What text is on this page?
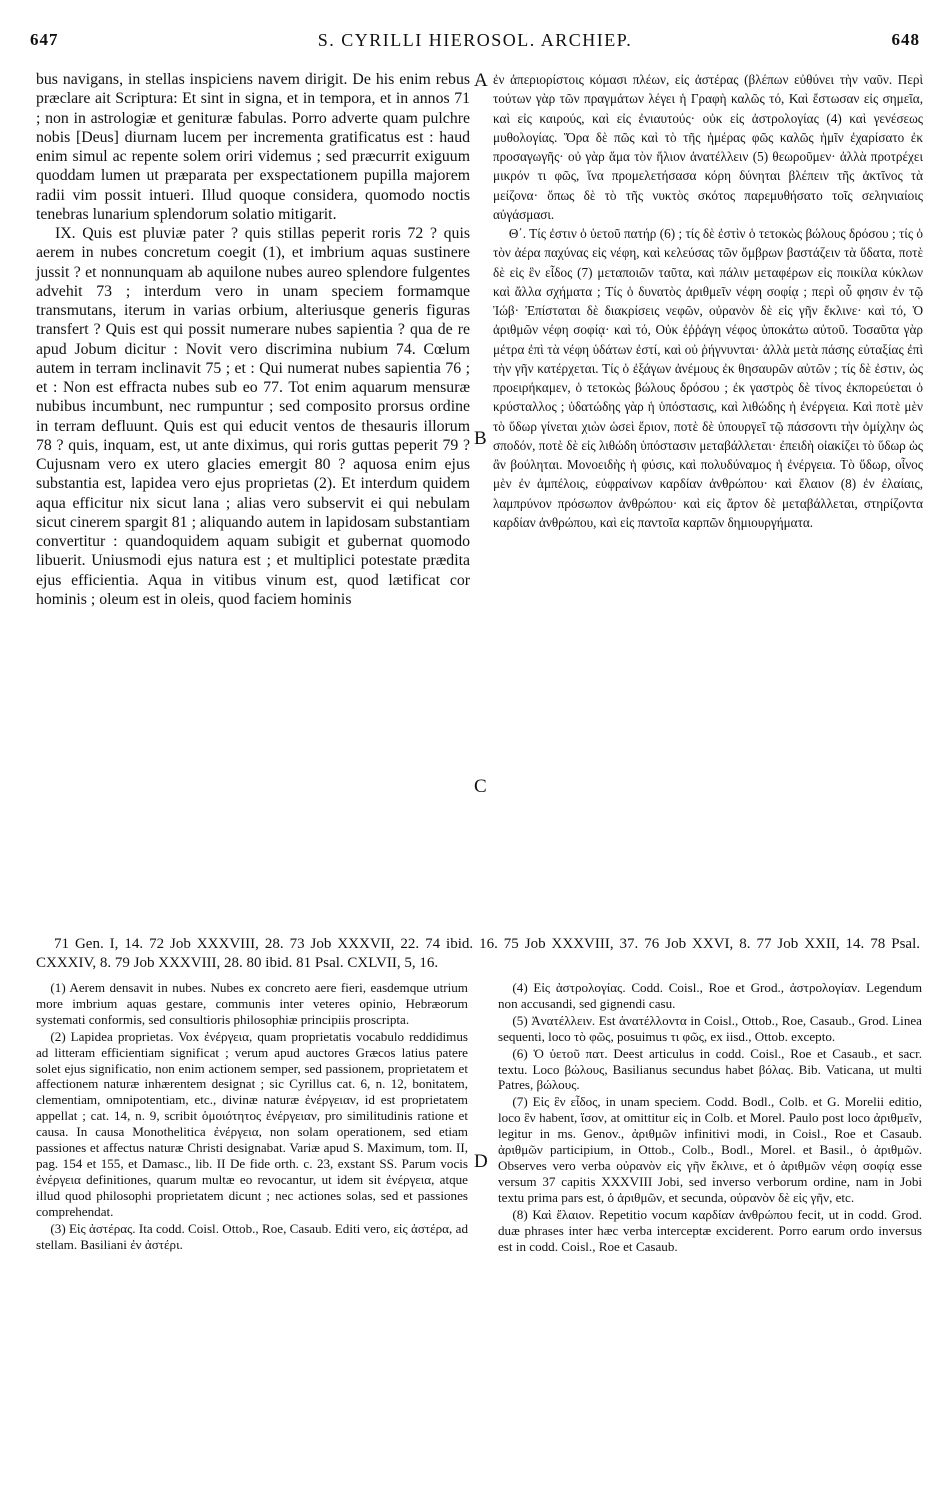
647	S. CYRILLI HIEROSOL. ARCHIEP.	648

bus navigans, in stellas inspiciens navem dirigit. De his enim rebus præclare ait Scriptura: Et sint in signa, et in tempora, et in annos 71 ; non in astrologiæ et genituræ fabulas. Porro adverte quam pulchre nobis [Deus] diurnam lucem per incrementa gratificatus est : haud enim simul ac repente solem oriri videmus ; sed præcurrit exiguum quoddam lumen ut præparata per exspectationem pupilla majorem radii vim possit intueri. Illud quoque considera, quomodo noctis tenebras lunarium splendorum solatio mitigarit.

IX. Quis est pluviæ pater ? quis stillas peperit roris 72 ? quis aerem in nubes concretum coegit (1), et imbrium aquas sustinere jussit ? et nonnunquam ab aquilone nubes aureo splendore fulgentes advehit 73 ; interdum vero in unam speciem formamque transmutans, iterum in varias orbium, alteriusque generis figuras transfert ? Quis est qui possit numerare nubes sapientia ? qua de re apud Jobum dicitur : Novit vero discrimina nubium 74. Cœlum autem in terram inclinavit 75 ; et : Qui numerat nubes sapientia 76 ; et : Non est effracta nubes sub eo 77. Tot enim aquarum mensuræ nubibus incumbunt, nec rumpuntur ; sed composito prorsus ordine in terram defluunt. Quis est qui educit ventos de thesauris illorum 78 ? quis, inquam, est, ut ante diximus, qui roris guttas peperit 79 ? Cujusnam vero ex utero glacies emergit 80 ? aquosa enim ejus substantia est, lapidea vero ejus proprietas (2). Et interdum quidem aqua efficitur nix sicut lana ; alias vero subservit ei qui nebulam sicut cinerem spargit 81 ; aliquando autem in lapidosam substantiam convertitur : quandoquidem aquam subigit et gubernat quomodo libuerit. Uniusmodi ejus natura est ; et multiplici potestate prædita ejus efficientia. Aqua in vitibus vinum est, quod lætificat cor hominis ; oleum est in oleis, quod faciem hominis

A
B
C
D

ἐν ἀπεριορίστοις κόμασι πλέων, εἰς ἀστέρας (βλέπων εὐθύνει τὴν ναῦν. Περὶ τούτων γὰρ τῶν πραγμάτων λέγει ἡ Γραφὴ καλῶς τό, Καὶ ἔστωσαν εἰς σημεῖα, καὶ εἰς καιρούς, καὶ εἰς ἐνιαυτούς· οὐκ εἰς ἀστρολογίας (4) καὶ γενέσεως μυθολογίας. Ὅρα δὲ πῶς καὶ τὸ τῆς ἡμέρας φῶς καλῶς ἡμῖν ἐχαρίσατο ἐκ προσαγωγῆς· οὐ γὰρ ἅμα τὸν ἥλιον ἀνατέλλειν (5) θεωροῦμεν· ἀλλὰ προτρέχει μικρόν τι φῶς, ἵνα προμελετήσασα κόρη δύνηται βλέπειν τῆς ἀκτῖνος τὰ μείζονα· ὅπως δὲ τὸ τῆς νυκτὸς σκότος παρεμυθήσατο τοῖς σεληνιαίοις αὐγάσμασι.

Θ΄. Τίς ἐστιν ὁ ὑετοῦ πατήρ (6) ; τίς δὲ ἐστὶν ὁ τετοκὼς βώλους δρόσου ; τίς ὁ τὸν ἀέρα παχύνας εἰς νέφη, καὶ κελεύσας τῶν ὄμβρων βαστάζειν τὰ ὕδατα, ποτὲ δὲ εἰς ἓν εἶδος (7) μεταποιῶν ταῦτα, καὶ πάλιν μεταφέρων εἰς ποικίλα κύκλων καὶ ἄλλα σχήματα ; Τίς ὁ δυνατὸς ἀριθμεῖν νέφη σοφίᾳ ; περὶ οὗ φησιν ἐν τῷ Ἰώβ· Ἐπίσταται δὲ διακρίσεις νεφῶν, οὐρανὸν δὲ εἰς γῆν ἔκλινε· καὶ τό, Ὁ ἀριθμῶν νέφη σοφίᾳ· καὶ τό, Οὐκ ἐῤῥάγη νέφος ὑποκάτω αὐτοῦ. Τοσαῦτα γὰρ μέτρα ἐπὶ τὰ νέφη ὑδάτων ἐστί, καὶ οὐ ῥήγνυνται· ἀλλὰ μετὰ πάσης εὐταξίας ἐπὶ τὴν γῆν κατέρχεται. Τίς ὁ ἐξάγων ἀνέμους ἐκ θησαυρῶν αὐτῶν ; τίς δὲ ἐστιν, ὡς προειρήκαμεν, ὁ τετοκὼς βώλους δρόσου ; ἐκ γαστρὸς δὲ τίνος ἐκπορεύεται ὁ κρύσταλλος ; ὑδατώδης γὰρ ἡ ὑπόστασις, καὶ λιθώδης ἡ ἐνέργεια. Καὶ ποτὲ μὲν τὸ ὕδωρ γίνεται χιὼν ὡσεὶ ἔριον, ποτὲ δὲ ὑπουργεῖ τῷ πάσσοντι τὴν ὁμίχλην ὡς σποδόν, ποτὲ δὲ εἰς λιθώδη ὑπόστασιν μεταβάλλεται· ἐπειδὴ οἰακίζει τὸ ὕδωρ ὡς ἂν βούληται. Μονοειδὴς ἡ φύσις, καὶ πολυδύναμος ἡ ἐνέργεια. Τὸ ὕδωρ, οἶνος μὲν ἐν ἀμπέλοις, εὐφραίνων καρδίαν ἀνθρώπου· καὶ ἔλαιον (8) ἐν ἐλαίαις, λαμπρύνον πρόσωπον ἀνθρώπου· καὶ εἰς ἄρτον δὲ μεταβάλλεται, στηρίζοντα καρδίαν ἀνθρώπου, καὶ εἰς παντοῖα καρπῶν δημιουργήματα.

71 Gen. I, 14. 72 Job XXXVIII, 28. 73 Job XXXVII, 22. 74 ibid. 16. 75 Job XXXVIII, 37. 76 Job XXVI, 8. 77 Job XXII, 14. 78 Psal. CXXXIV, 8. 79 Job XXXVIII, 28. 80 ibid. 81 Psal. CXLVII, 5, 16.

(1) Aerem densavit in nubes. Nubes ex concreto aere fieri, easdemque utrium more imbrium aquas gestare, communis inter veteres opinio, Hebræorum systemati conformis, sed consultioris philosophiæ principiis proscripta.

(2) Lapidea proprietas. Vox ἐνέργεια, quam proprietatis vocabulo reddidimus ad litteram efficientiam significat ; verum apud auctores Græcos latius patere solet ejus significatio, non enim actionem semper, sed passionem, proprietatem et affectionem naturæ inhærentem designat ; sic Cyrillus cat. 6, n. 12, bonitatem, clementiam, omnipotentiam, etc., divinæ naturæ ἐνέργειαν, id est proprietatem appellat ; cat. 14, n. 9, scribit ὁμοιότητος ἐνέργειαν, pro similitudinis ratione et causa. In causa Monothelitica ἐνέργεια, non solam operationem, sed etiam passiones et affectus naturæ Christi designabat. Variæ apud S. Maximum, tom. II, pag. 154 et 155, et Damasc., lib. II De fide orth. c. 23, exstant SS. Parum vocis ἐνέργεια definitiones, quarum multæ eo revocantur, ut idem sit ἐνέργεια, atque illud quod philosophi proprietatem dicunt ; nec actiones solas, sed et passiones comprehendat.

(3) Εἰς ἀστέρας. Ita codd. Coisl. Ottob., Roe, Casaub. Editi vero, εἰς ἀστέρα, ad stellam. Basiliani ἐν ἀστέρι.

(4) Εἰς ἀστρολογίας. Codd. Coisl., Roe et Grod., ἀστρολογίαν. Legendum non accusandi, sed gignendi casu.

(5) Ἀνατέλλειν. Est ἀνατέλλοντα in Coisl., Ottob., Roe, Casaub., Grod. Linea sequenti, loco τὸ φῶς, posuimus τι φῶς, ex iisd., Ottob. excepto.

(6) Ὁ ὑετοῦ πατ. Deest articulus in codd. Coisl., Roe et Casaub., et sacr. textu. Loco βώλους, Basilianus secundus habet βόλας. Bib. Vaticana, ut multi Patres, βώλους.

(7) Εἰς ἓν εἶδος, in unam speciem. Codd. Bodl., Colb. et G. Morelii editio, loco ἓν habent, ἴσον, at omittitur εἰς in Colb. et Morel. Paulo post loco ἀριθμεῖν, legitur in ms. Genov., ἀριθμῶν infinitivi modi, in Coisl., Roe et Casaub. ἀριθμῶν participium, in Ottob., Colb., Bodl., Morel. et Basil., ὁ ἀριθμῶν. Observes vero verba οὐρανὸν εἰς γῆν ἔκλινε, et ὁ ἀριθμῶν νέφη σοφίᾳ esse versum 37 capitis XXXVIII Jobi, sed inverso verborum ordine, nam in Jobi textu prima pars est, ὁ ἀριθμῶν, et secunda, οὐρανὸν δὲ εἰς γῆν, etc.

(8) Καὶ ἔλαιον. Repetitio vocum καρδίαν ἀνθρώπου fecit, ut in codd. Grod. duæ phrases inter hæc verba interceptæ exciderent. Porro earum ordo inversus est in codd. Coisl., Roe et Casaub.
